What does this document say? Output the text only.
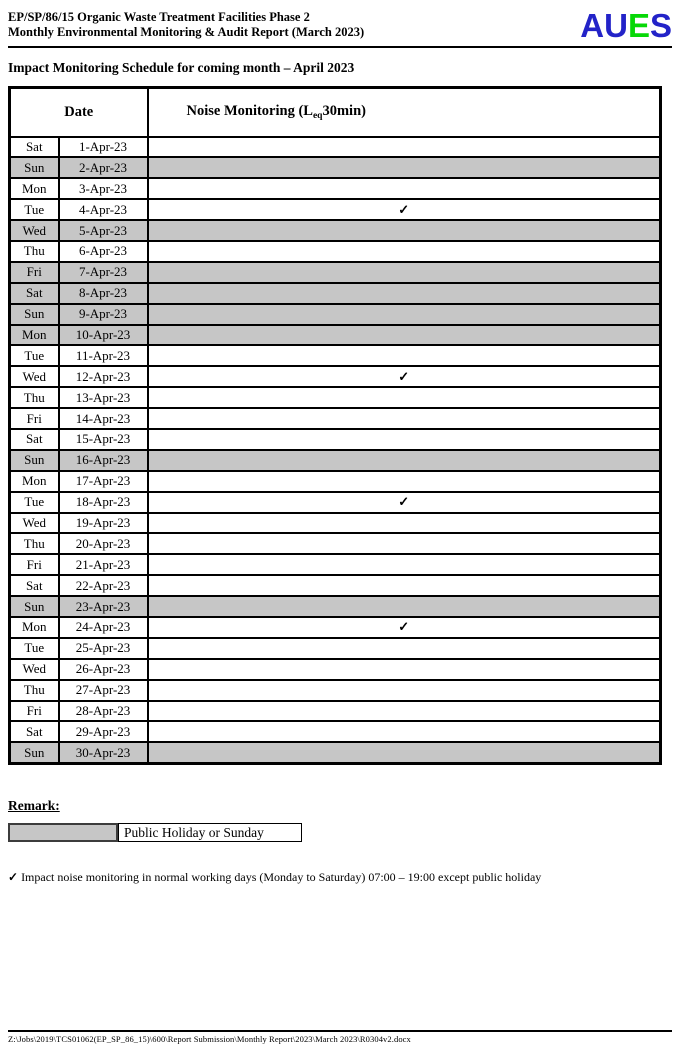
EP/SP/86/15 Organic Waste Treatment Facilities Phase 2
Monthly Environmental Monitoring & Audit Report (March 2023)	AUES
Impact Monitoring Schedule for coming month – April 2023
Date		Noise Monitoring $(L_{eq}30\min)$
Sat	1-Apr-23	
Sun	2-Apr-23	
Mon	3-Apr-23	
Tue	4-Apr-23	✓
Wed	5-Apr-23	
Thu	6-Apr-23	
Fri	7-Apr-23	
Sat	8-Apr-23	
Sun	9-Apr-23	
Mon	10-Apr-23	
Tue	11-Apr-23	
Wed	12-Apr-23	✓
Thu	13-Apr-23	
Fri	14-Apr-23	
Sat	15-Apr-23	
Sun	16-Apr-23	
Mon	17-Apr-23	
Tue	18-Apr-23	✓
Wed	19-Apr-23	
Thu	20-Apr-23	
Fri	21-Apr-23	
Sat	22-Apr-23	
Sun	23-Apr-23	
Mon	24-Apr-23	✓
Tue	25-Apr-23	
Wed	26-Apr-23	
Thu	27-Apr-23	
Fri	28-Apr-23	
Sat	29-Apr-23	
Sun	30-Apr-23	
Remark:
Public Holiday or Sunday
✓ Impact noise monitoring in normal working days (Monday to Saturday) 07:00 – 19:00 except public holiday
Z:\Jobs\2019\TCS01062(EP_SP_86_15)\600\Report Submission\Monthly Report\2023\March 2023\R0304v2.docx
